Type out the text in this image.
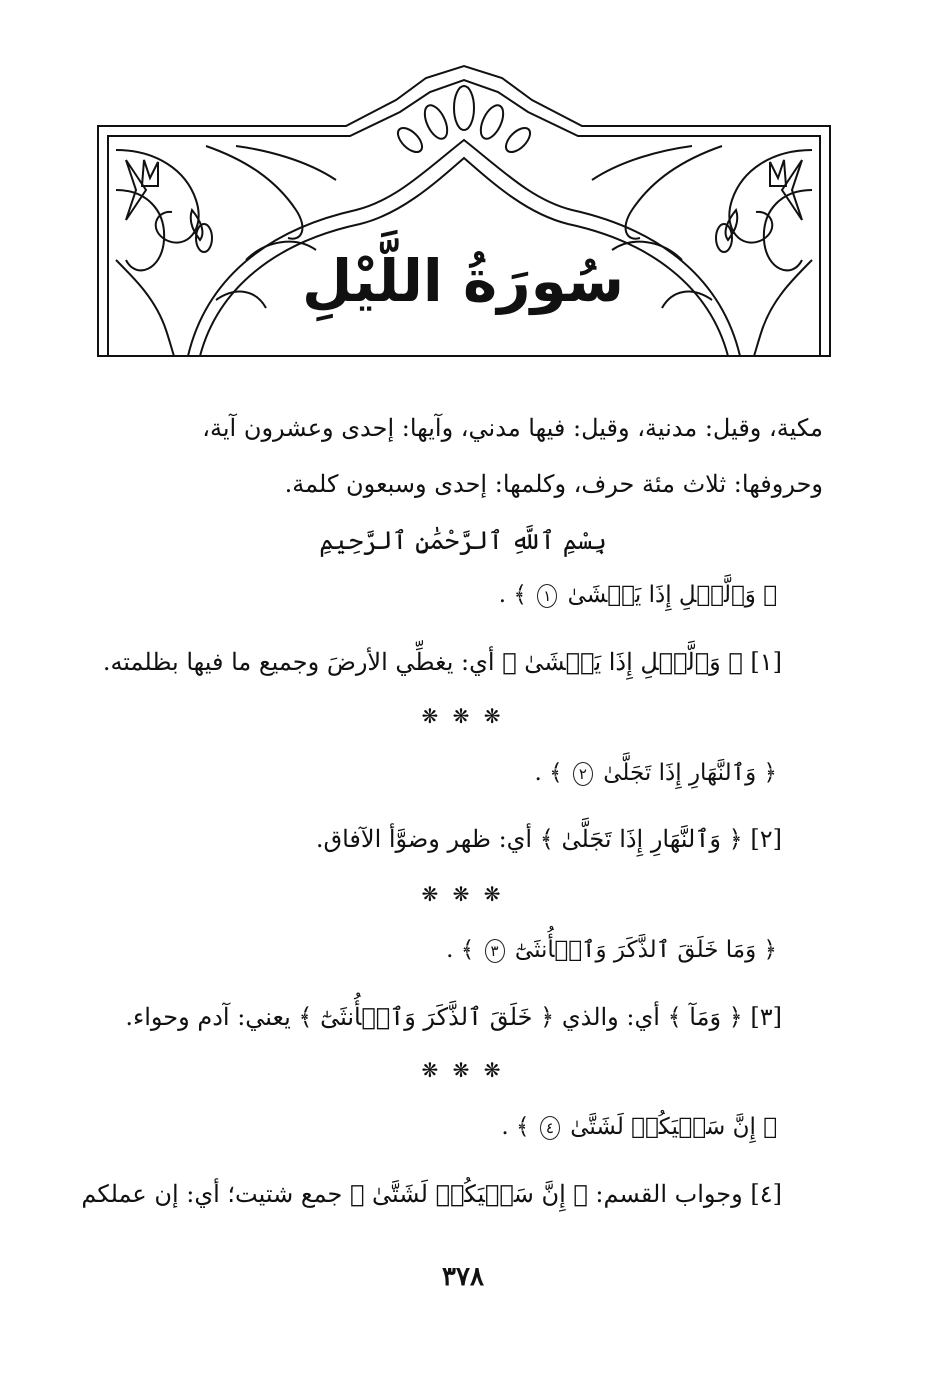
سُورَةُ اللَّيْلِ
مكية، وقيل: مدنية، وقيل: فيها مدني، وآيها: إحدى وعشرون آية،
وحروفها: ثلاث مئة حرف، وكلمها: إحدى وسبعون كلمة.
بِسْمِ ٱللَّهِ ٱلرَّحْمَٰنِ ٱلرَّحِيمِ
﴿ وَٱلَّيۡلِ إِذَا يَغۡشَىٰ ١ ﴾ .
[١] ﴿ وَٱلَّيۡلِ إِذَا يَغۡشَىٰ ﴾ أي: يغطِّي الأرضَ وجميع ما فيها بظلمته.
❋ ❋ ❋
﴿ وَٱلنَّهَارِ إِذَا تَجَلَّىٰ ٢ ﴾ .
[٢] ﴿ وَٱلنَّهَارِ إِذَا تَجَلَّىٰ ﴾ أي: ظهر وضوَّأ الآفاق.
❋ ❋ ❋
﴿ وَمَا خَلَقَ ٱلذَّكَرَ وَٱلۡأُنثَىٰٓ ٣ ﴾ .
[٣] ﴿ وَمَآ ﴾ أي: والذي ﴿ خَلَقَ ٱلذَّكَرَ وَٱلۡأُنثَىٰٓ ﴾ يعني: آدم وحواء.
❋ ❋ ❋
﴿ إِنَّ سَعۡيَكُمۡ لَشَتَّىٰ ٤ ﴾ .
[٤] وجواب القسم: ﴿ إِنَّ سَعۡيَكُمۡ لَشَتَّىٰ ﴾ جمع شتيت؛ أي: إن عملكم
٣٧٨
